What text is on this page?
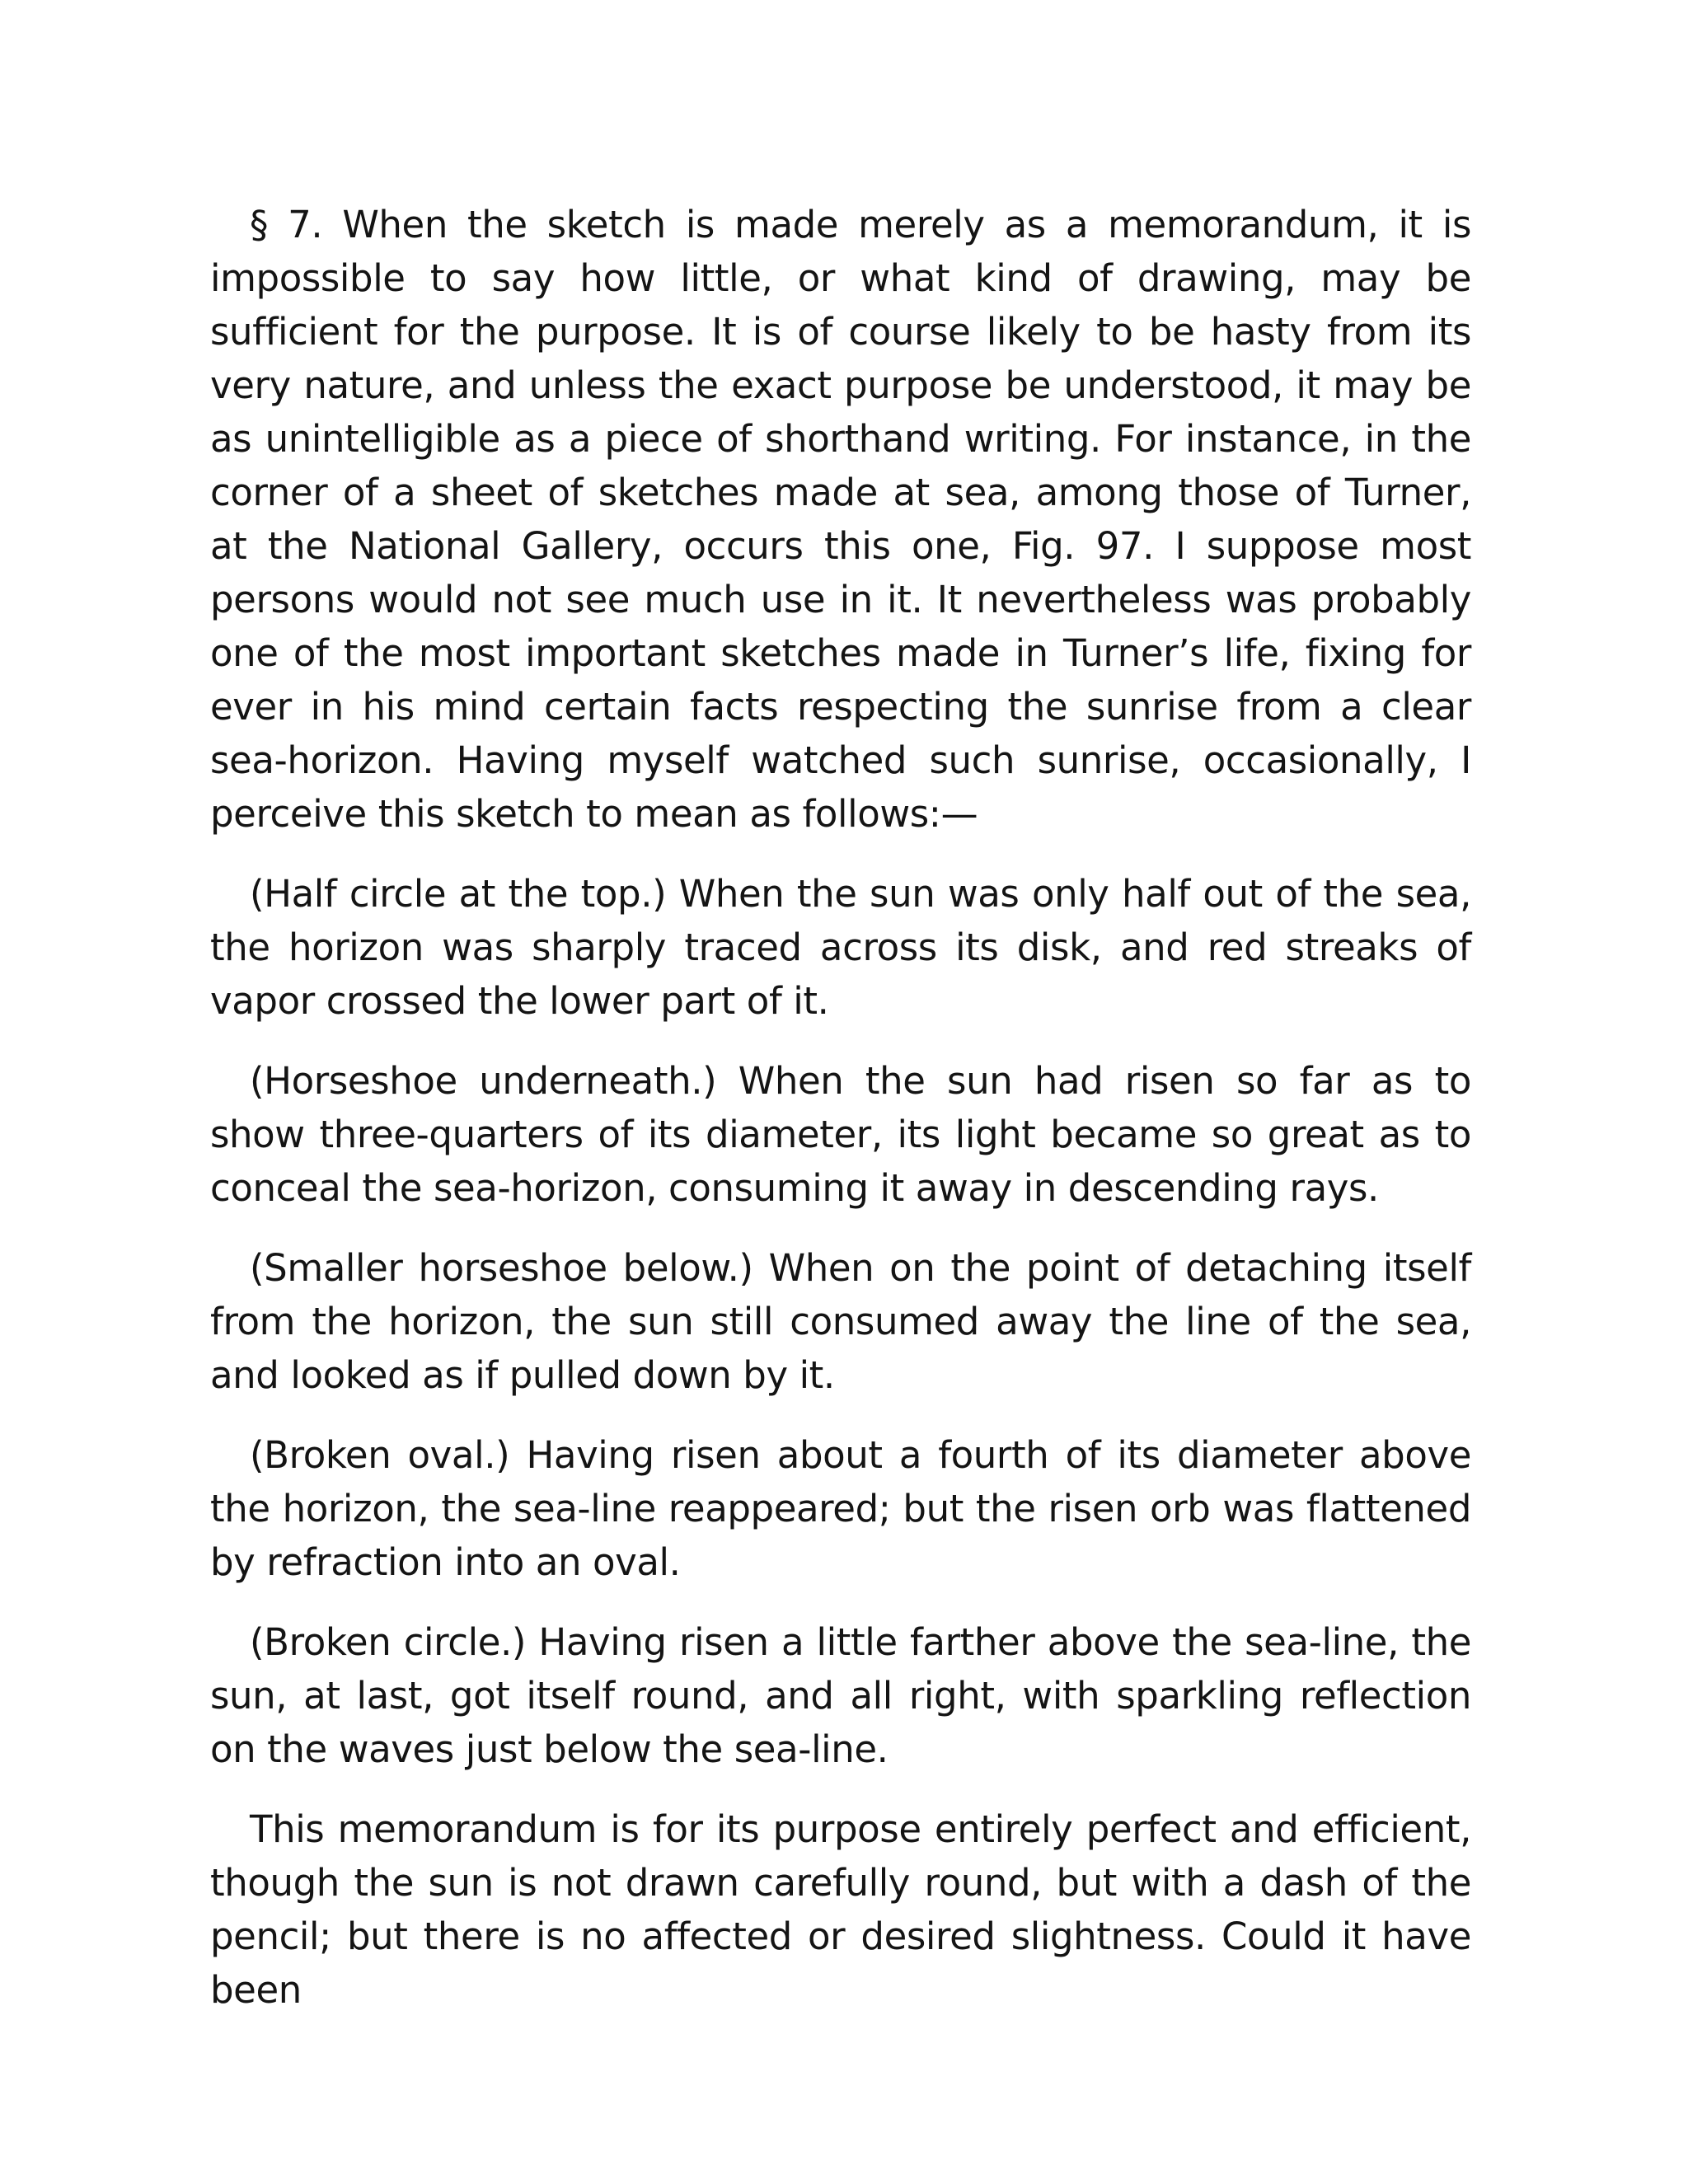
§ 7. When the sketch is made merely as a memorandum, it is impossible to say how little, or what kind of drawing, may be sufficient for the purpose. It is of course likely to be hasty from its very nature, and unless the exact purpose be understood, it may be as unintelligible as a piece of shorthand writing. For instance, in the corner of a sheet of sketches made at sea, among those of Turner, at the National Gallery, occurs this one, Fig. 97. I suppose most persons would not see much use in it. It nevertheless was probably one of the most important sketches made in Turner’s life, fixing for ever in his mind certain facts respecting the sunrise from a clear sea-horizon. Having myself watched such sunrise, occasionally, I perceive this sketch to mean as follows:—

(Half circle at the top.) When the sun was only half out of the sea, the horizon was sharply traced across its disk, and red streaks of vapor crossed the lower part of it.

(Horseshoe underneath.) When the sun had risen so far as to show three-quarters of its diameter, its light became so great as to conceal the sea-horizon, consuming it away in descending rays.

(Smaller horseshoe below.) When on the point of detaching itself from the horizon, the sun still consumed away the line of the sea, and looked as if pulled down by it.

(Broken oval.) Having risen about a fourth of its diameter above the horizon, the sea-line reappeared; but the risen orb was flattened by refraction into an oval.

(Broken circle.) Having risen a little farther above the sea-line, the sun, at last, got itself round, and all right, with sparkling reflection on the waves just below the sea-line.

This memorandum is for its purpose entirely perfect and efficient, though the sun is not drawn carefully round, but with a dash of the pencil; but there is no affected or desired slightness. Could it have been
